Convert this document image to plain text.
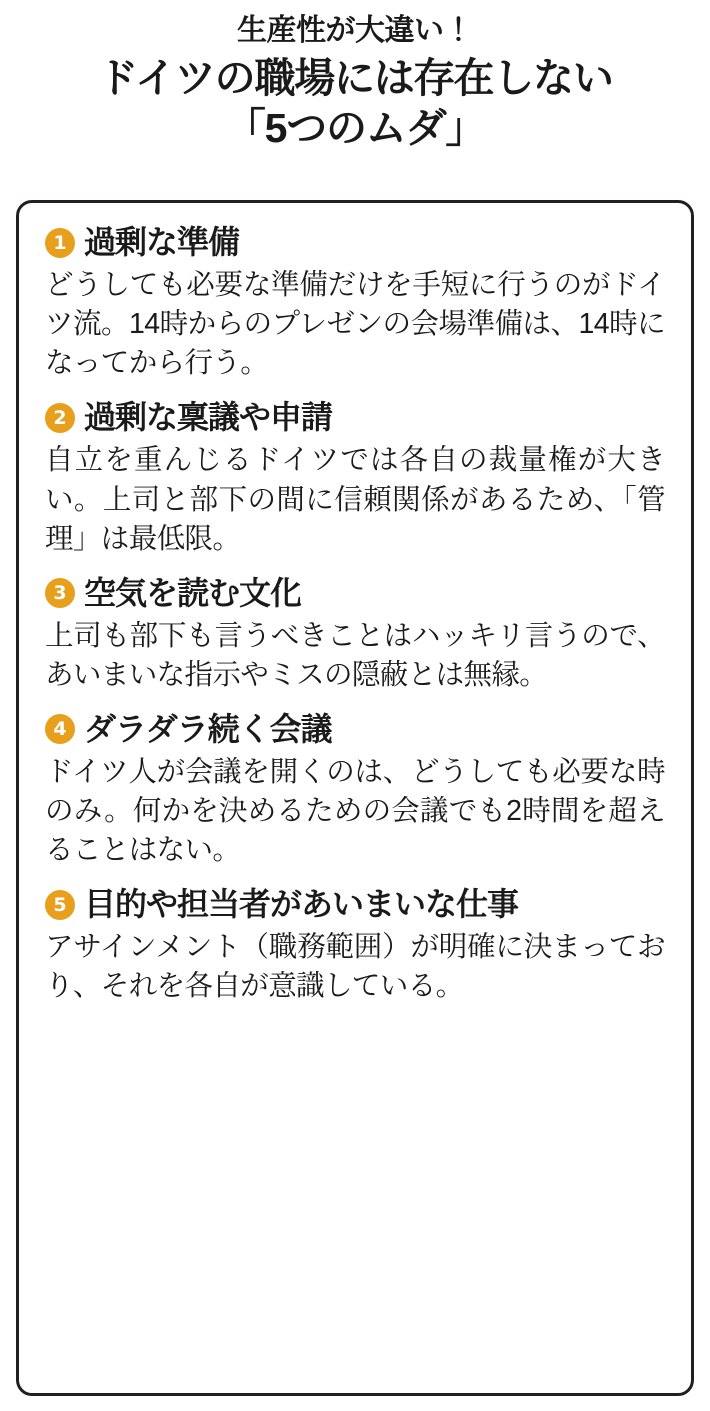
生産性が大違い！
ドイツの職場には存在しない
「5つのムダ」
1 過剰な準備
どうしても必要な準備だけを手短に行うのがドイツ流。14時からのプレゼンの会場準備は、14時になってから行う。
2 過剰な稟議や申請
自立を重んじるドイツでは各自の裁量権が大きい。上司と部下の間に信頼関係があるため、「管理」は最低限。
3 空気を読む文化
上司も部下も言うべきことはハッキリ言うので、あいまいな指示やミスの隠蔽とは無縁。
4 ダラダラ続く会議
ドイツ人が会議を開くのは、どうしても必要な時のみ。何かを決めるための会議でも2時間を超えることはない。
5 目的や担当者があいまいな仕事
アサインメント（職務範囲）が明確に決まっており、それを各自が意識している。
